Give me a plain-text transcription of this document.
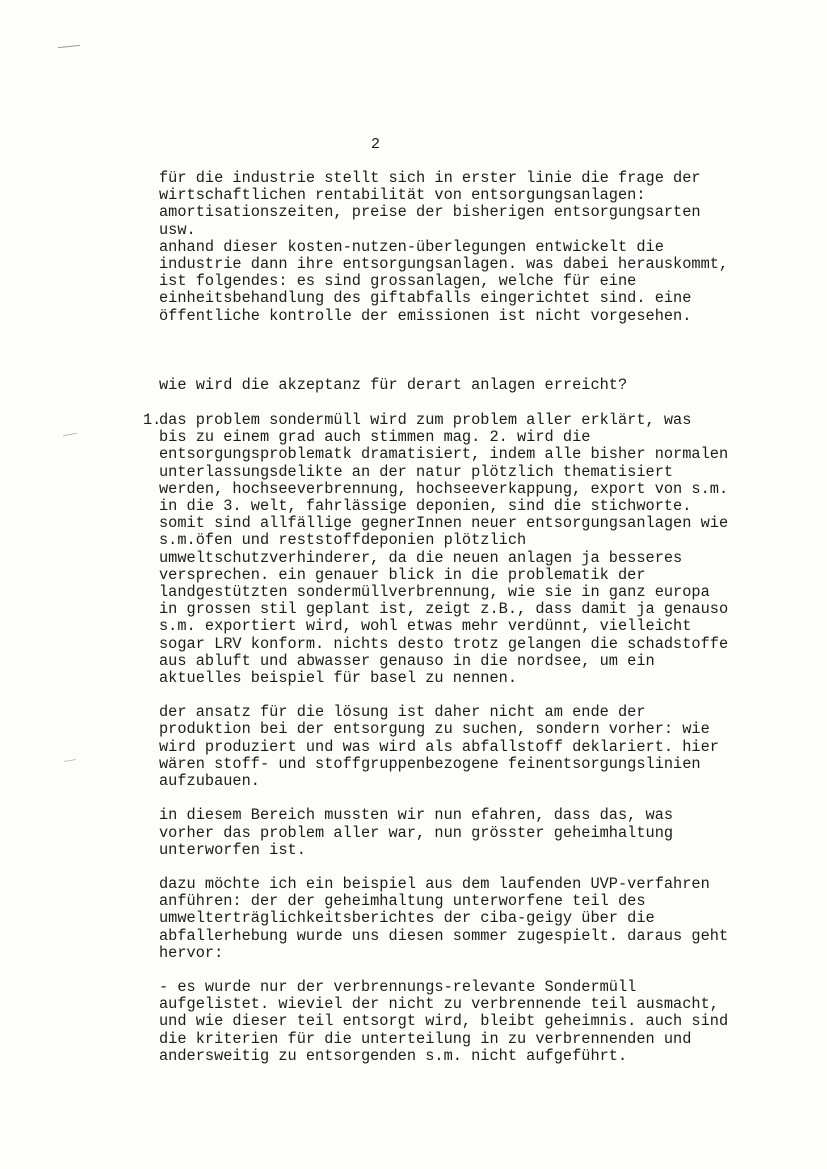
2

für die industrie stellt sich in erster linie die frage der
wirtschaftlichen rentabilität von entsorgungsanlagen:
amortisationszeiten, preise der bisherigen entsorgungsarten
usw.
anhand dieser kosten-nutzen-überlegungen entwickelt die
industrie dann ihre entsorgungsanlagen. was dabei herauskommt,
ist folgendes: es sind grossanlagen, welche für eine
einheitsbehandlung des giftabfalls eingerichtet sind. eine
öffentliche kontrolle der emissionen ist nicht vorgesehen.

wie wird die akzeptanz für derart anlagen erreicht?

1.

das problem sondermüll wird zum problem aller erklärt, was
bis zu einem grad auch stimmen mag. 2. wird die
entsorgungsproblematk dramatisiert, indem alle bisher normalen
unterlassungsdelikte an der natur plötzlich thematisiert
werden, hochseeverbrennung, hochseeverkappung, export von s.m.
in die 3. welt, fahrlässige deponien, sind die stichworte.
somit sind allfällige gegnerInnen neuer entsorgungsanlagen wie
s.m.öfen und reststoffdeponien plötzlich
umweltschutzverhinderer, da die neuen anlagen ja besseres
versprechen. ein genauer blick in die problematik der
landgestützten sondermüllverbrennung, wie sie in ganz europa
in grossen stil geplant ist, zeigt z.B., dass damit ja genauso
s.m. exportiert wird, wohl etwas mehr verdünnt, vielleicht
sogar LRV konform. nichts desto trotz gelangen die schadstoffe
aus abluft und abwasser genauso in die nordsee, um ein
aktuelles beispiel für basel zu nennen.

der ansatz für die lösung ist daher nicht am ende der
produktion bei der entsorgung zu suchen, sondern vorher: wie
wird produziert und was wird als abfallstoff deklariert. hier
wären stoff- und stoffgruppenbezogene feinentsorgungslinien
aufzubauen.

in diesem Bereich mussten wir nun efahren, dass das, was
vorher das problem aller war, nun grösster geheimhaltung
unterworfen ist.

dazu möchte ich ein beispiel aus dem laufenden UVP-verfahren
anführen: der der geheimhaltung unterworfene teil des
umwelterträglichkeitsberichtes der ciba-geigy über die
abfallerhebung wurde uns diesen sommer zugespielt. daraus geht
hervor:

- es wurde nur der verbrennungs-relevante Sondermüll
aufgelistet. wieviel der nicht zu verbrennende teil ausmacht,
und wie dieser teil entsorgt wird, bleibt geheimnis. auch sind
die kriterien für die unterteilung in zu verbrennenden und
andersweitig zu entsorgenden s.m. nicht aufgeführt.
